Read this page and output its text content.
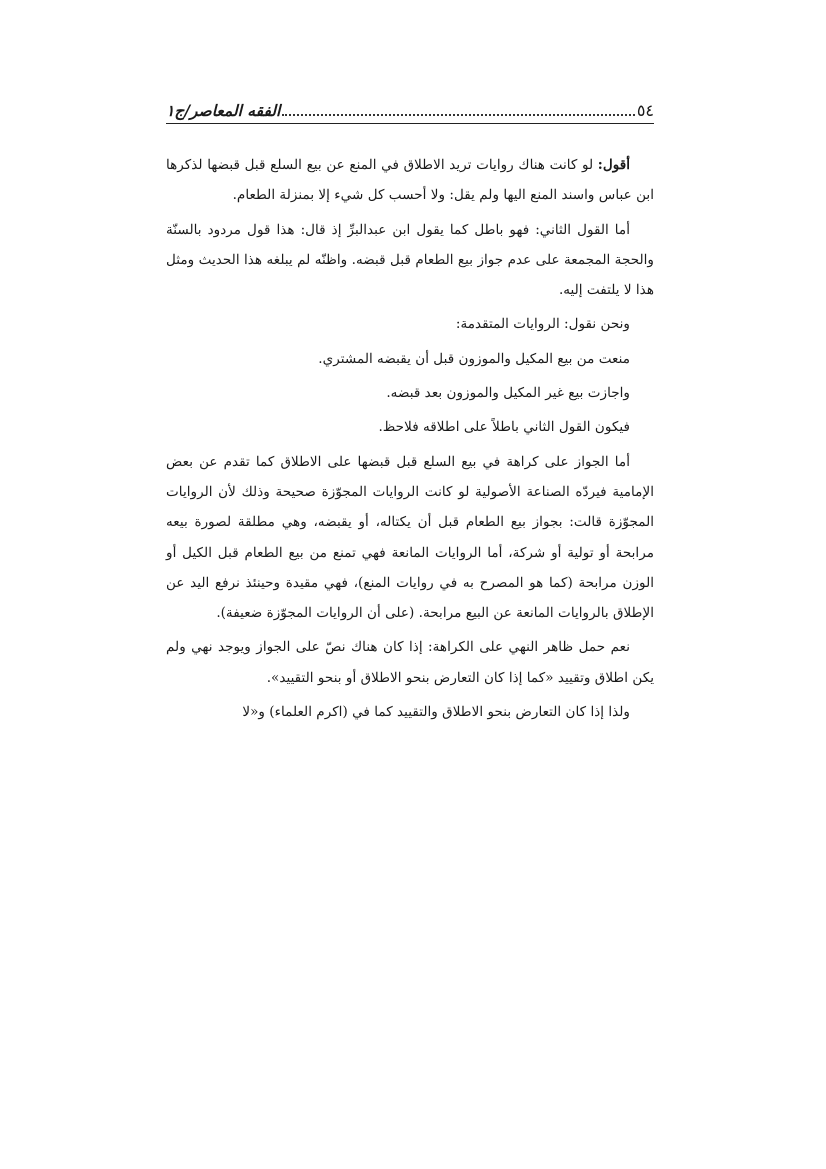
٥٤
الفقه المعاصر/ج١

أقول: لو كانت هناك روايات تريد الاطلاق في المنع عن بيع السلع قبل قبضها لذكرها ابن عباس واسند المنع اليها ولم يقل: ولا أحسب كل شيء إلا بمنزلة الطعام.

أما القول الثاني: فهو باطل كما يقول ابن عبدالبرِّ إذ قال: هذا قول مردود بالسنّة والحجة المجمعة على عدم جواز بيع الطعام قبل قبضه. واظنّه لم يبلغه هذا الحديث ومثل هذا لا يلتفت إليه.

ونحن نقول: الروايات المتقدمة:

منعت من بيع المكيل والموزون قبل أن يقبضه المشتري.

واجازت بيع غير المكيل والموزون بعد قبضه.

فيكون القول الثاني باطلاً على اطلاقه فلاحظ.

أما الجواز على كراهة في بيع السلع قبل قبضها على الاطلاق كما تقدم عن بعض الإمامية فيردّه الصناعة الأصولية لو كانت الروايات المجوّزة صحيحة وذلك لأن الروايات المجوّزة قالت: بجواز بيع الطعام قبل أن يكتاله، أو يقبضه، وهي مطلقة لصورة بيعه مرابحة أو تولية أو شركة، أما الروايات المانعة فهي تمنع من بيع الطعام قبل الكيل أو الوزن مرابحة (كما هو المصرح به في روايات المنع)، فهي مقيدة وحينئذ نرفع اليد عن الإطلاق بالروايات المانعة عن البيع مرابحة. (على أن الروايات المجوّزة ضعيفة).

نعم حمل ظاهر النهي على الكراهة: إذا كان هناك نصّ على الجواز ويوجد نهي ولم يكن اطلاق وتقييد «كما إذا كان التعارض بنحو الاطلاق أو بنحو التقييد».

ولذا إذا كان التعارض بنحو الاطلاق والتقييد كما في (اكرم العلماء) و«لا
